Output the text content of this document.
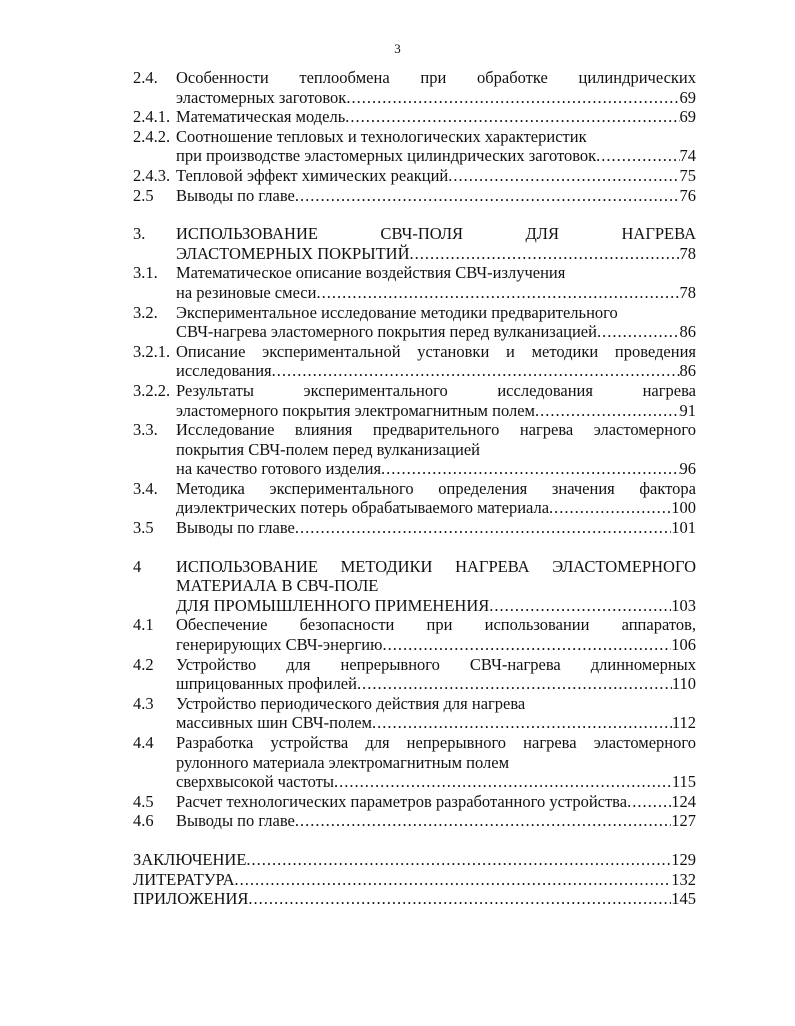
3
2.4.	Особенности теплообмена при обработке цилиндрических
эластомерных заготовок .....	69
2.4.1. Математическая модель .....	69
2.4.2. Соотношение тепловых и технологических характеристик
при производстве эластомерных цилиндрических заготовок .....	74
2.4.3. Тепловой эффект химических реакций .....	75
2.5	Выводы по главе .....	76
3.	ИСПОЛЬЗОВАНИЕ СВЧ-ПОЛЯ ДЛЯ НАГРЕВА
ЭЛАСТОМЕРНЫХ ПОКРЫТИЙ .....	78
3.1.	Математическое описание воздействия СВЧ-излучения
на резиновые смеси .....	78
3.2.	Экспериментальное исследование методики предварительного
СВЧ-нагрева эластомерного покрытия перед вулканизацией .....	86
3.2.1. Описание экспериментальной установки и методики проведения
исследования .....	86
3.2.2. Результаты экспериментального исследования нагрева
эластомерного покрытия электромагнитным полем .....	91
3.3.	Исследование влияния предварительного нагрева эластомерного
покрытия СВЧ-полем перед вулканизацией
на качество готового изделия .....	96
3.4.	Методика экспериментального определения значения фактора
диэлектрических потерь обрабатываемого материала .....	100
3.5	Выводы по главе .....	101
4	ИСПОЛЬЗОВАНИЕ МЕТОДИКИ НАГРЕВА ЭЛАСТОМЕРНОГО
МАТЕРИАЛА В СВЧ-ПОЛЕ
ДЛЯ ПРОМЫШЛЕННОГО ПРИМЕНЕНИЯ .....	103
4.1	Обеспечение безопасности при использовании аппаратов,
генерирующих СВЧ-энергию .....	106
4.2	Устройство для непрерывного СВЧ-нагрева длинномерных
шприцованных профилей .....	110
4.3	Устройство периодического действия для нагрева
массивных шин СВЧ-полем .....	112
4.4	Разработка устройства для непрерывного нагрева эластомерного
рулонного материала электромагнитным полем
сверхвысокой частоты .....	115
4.5	Расчет технологических параметров разработанного устройства .....	124
4.6	Выводы по главе .....	127
ЗАКЛЮЧЕНИЕ .....	129
ЛИТЕРАТУРА .....	132
ПРИЛОЖЕНИЯ .....	145
